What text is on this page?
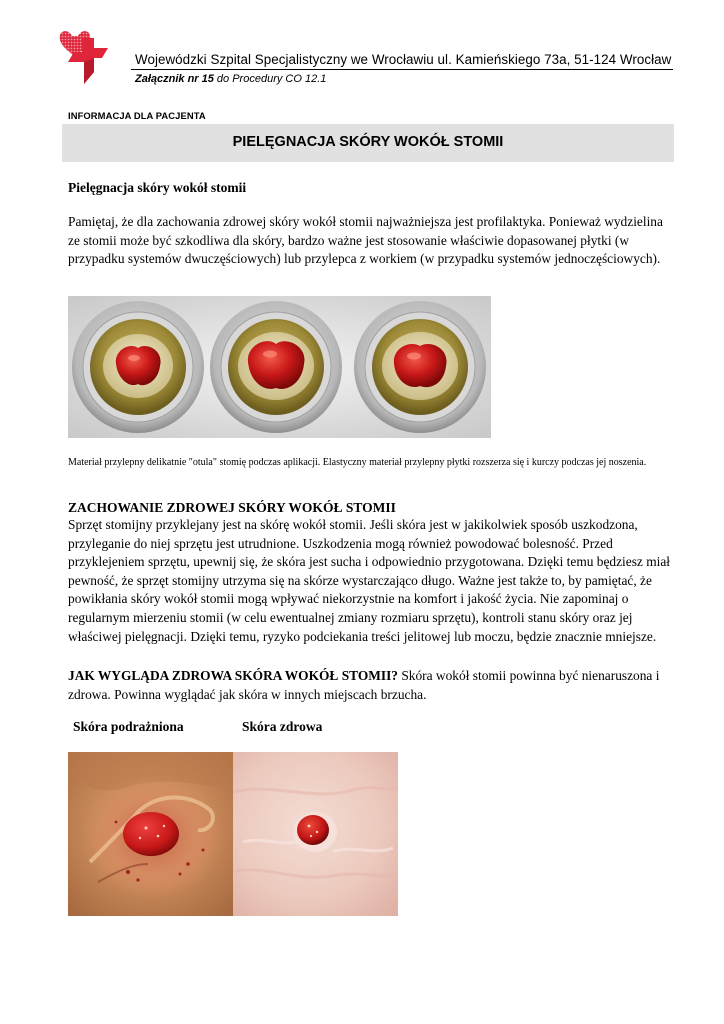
Wojewódzki Szpital Specjalistyczny we Wrocławiu ul. Kamieńskiego 73a, 51-124 Wrocław
Załącznik nr 15 do Procedury CO 12.1
INFORMACJA DLA PACJENTA
PIELĘGNACJA SKÓRY WOKÓŁ STOMII
Pielęgnacja skóry wokół stomii
Pamiętaj, że dla zachowania zdrowej skóry wokół stomii najważniejsza jest profilaktyka. Ponieważ wydzielina ze stomii może być szkodliwa dla skóry, bardzo ważne jest stosowanie właściwie dopasowanej płytki (w przypadku systemów dwuczęściowych) lub przylepca z workiem (w przypadku systemów jednoczęściowych).
Materiał przylepny delikatnie "otula" stomię podczas aplikacji. Elastyczny materiał przylepny płytki rozszerza się i kurczy podczas jej noszenia.
ZACHOWANIE ZDROWEJ SKÓRY WOKÓŁ STOMII
Sprzęt stomijny przyklejany jest na skórę wokół stomii. Jeśli skóra jest w jakikolwiek sposób uszkodzona, przyleganie do niej sprzętu jest utrudnione. Uszkodzenia mogą również powodować bolesność. Przed przyklejeniem sprzętu, upewnij się, że skóra jest sucha i odpowiednio przygotowana. Dzięki temu będziesz miał pewność, że sprzęt stomijny utrzyma się na skórze wystarczająco długo. Ważne jest także to, by pamiętać, że powikłania skóry wokół stomii mogą wpływać niekorzystnie na komfort i jakość życia. Nie zapominaj o regularnym mierzeniu stomii (w celu ewentualnej zmiany rozmiaru sprzętu), kontroli stanu skóry oraz jej właściwej pielęgnacji. Dzięki temu, ryzyko podciekania treści jelitowej lub moczu, będzie znacznie mniejsze.
JAK WYGLĄDA ZDROWA SKÓRA WOKÓŁ STOMII? Skóra wokół stomii powinna być nienaruszona i zdrowa. Powinna wyglądać jak skóra w innych miejscach brzucha.
Skóra podrażniona	Skóra zdrowa
